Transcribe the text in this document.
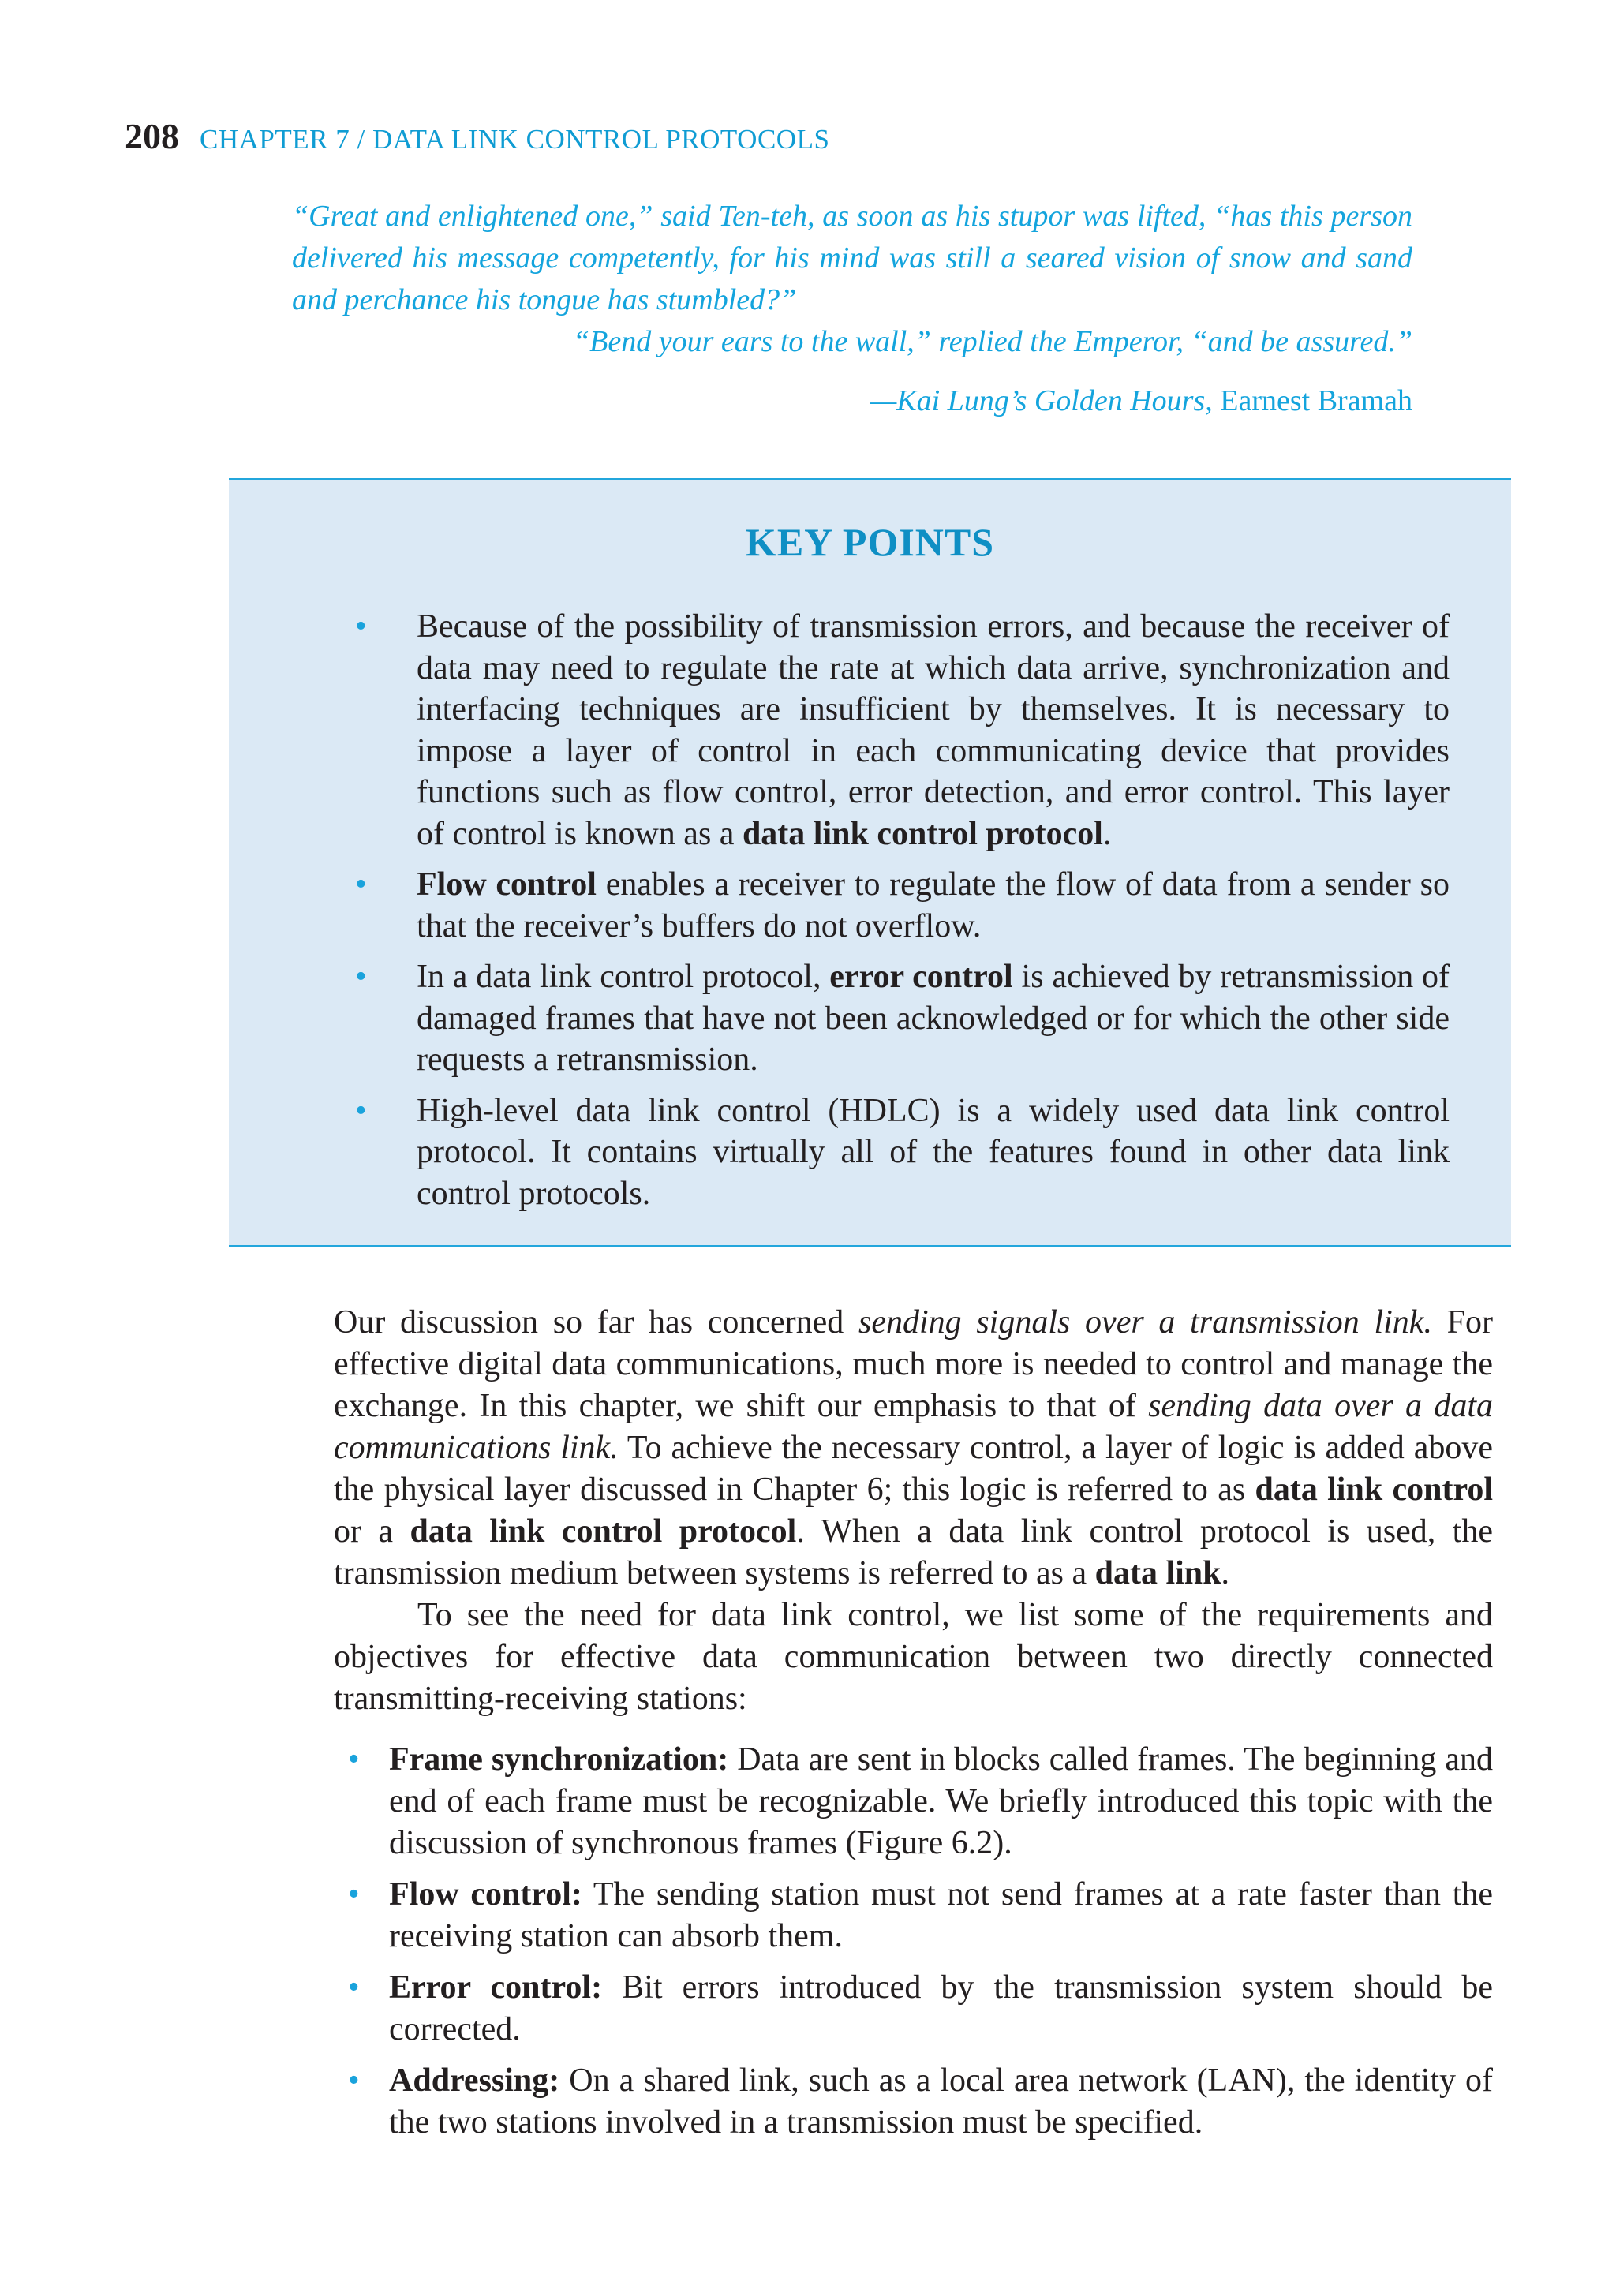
208 CHAPTER 7 / DATA LINK CONTROL PROTOCOLS

“Great and enlightened one,” said Ten-teh, as soon as his stupor was lifted, “has this person delivered his message competently, for his mind was still a seared vision of snow and sand and perchance his tongue has stumbled?”

“Bend your ears to the wall,” replied the Emperor, “and be assured.”

—Kai Lung’s Golden Hours, Earnest Bramah

KEY POINTS
• Because of the possibility of transmission errors, and because the receiver of data may need to regulate the rate at which data arrive, synchronization and interfacing techniques are insufficient by themselves. It is necessary to impose a layer of control in each communicating device that provides functions such as flow control, error detection, and error control. This layer of control is known as a data link control protocol.
• Flow control enables a receiver to regulate the flow of data from a sender so that the receiver’s buffers do not overflow.
• In a data link control protocol, error control is achieved by retransmission of damaged frames that have not been acknowledged or for which the other side requests a retransmission.
• High-level data link control (HDLC) is a widely used data link control protocol. It contains virtually all of the features found in other data link control protocols.

Our discussion so far has concerned sending signals over a transmission link. For effective digital data communications, much more is needed to control and manage the exchange. In this chapter, we shift our emphasis to that of sending data over a data communications link. To achieve the necessary control, a layer of logic is added above the physical layer discussed in Chapter 6; this logic is referred to as data link control or a data link control protocol. When a data link control protocol is used, the transmission medium between systems is referred to as a data link.

To see the need for data link control, we list some of the requirements and objectives for effective data communication between two directly connected transmitting-receiving stations:

• Frame synchronization: Data are sent in blocks called frames. The beginning and end of each frame must be recognizable. We briefly introduced this topic with the discussion of synchronous frames (Figure 6.2).
• Flow control: The sending station must not send frames at a rate faster than the receiving station can absorb them.
• Error control: Bit errors introduced by the transmission system should be corrected.
• Addressing: On a shared link, such as a local area network (LAN), the identity of the two stations involved in a transmission must be specified.
